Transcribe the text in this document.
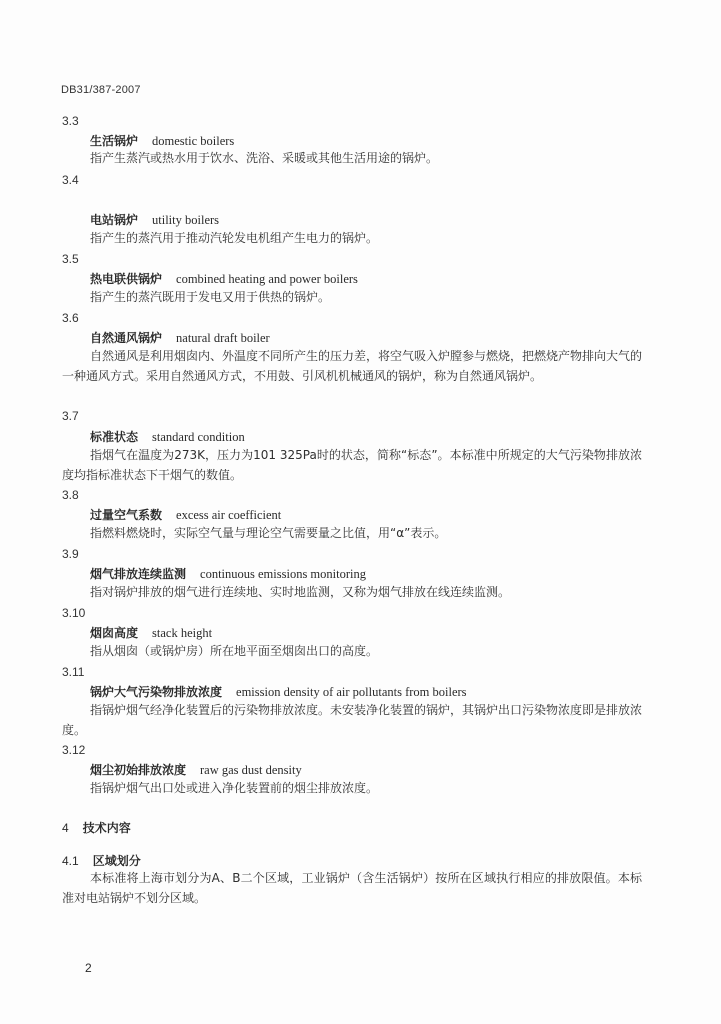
DB31/387-2007
3.3
生活锅炉 domestic boilers
指产生蒸汽或热水用于饮水、洗浴、采暖或其他生活用途的锅炉。
3.4
电站锅炉 utility boilers
指产生的蒸汽用于推动汽轮发电机组产生电力的锅炉。
3.5
热电联供锅炉 combined heating and power boilers
指产生的蒸汽既用于发电又用于供热的锅炉。
3.6
自然通风锅炉 natural draft boiler
自然通风是利用烟囱内、外温度不同所产生的压力差，将空气吸入炉膛参与燃烧，把燃烧产物排向大气的一种通风方式。采用自然通风方式，不用鼓、引风机机械通风的锅炉，称为自然通风锅炉。
3.7
标准状态 standard condition
指烟气在温度为273K，压力为101 325Pa时的状态，简称“标态”。本标准中所规定的大气污染物排放浓度均指标准状态下干烟气的数值。
3.8
过量空气系数 excess air coefficient
指燃料燃烧时，实际空气量与理论空气需要量之比值，用“α”表示。
3.9
烟气排放连续监测 continuous emissions monitoring
指对锅炉排放的烟气进行连续地、实时地监测，又称为烟气排放在线连续监测。
3.10
烟囱高度 stack height
指从烟囱（或锅炉房）所在地平面至烟囱出口的高度。
3.11
锅炉大气污染物排放浓度 emission density of air pollutants from boilers
指锅炉烟气经净化装置后的污染物排放浓度。未安装净化装置的锅炉，其锅炉出口污染物浓度即是排放浓度。
3.12
烟尘初始排放浓度 raw gas dust density
指锅炉烟气出口处或进入净化装置前的烟尘排放浓度。
4 技术内容
4.1 区域划分
本标准将上海市划分为A、B二个区域，工业锅炉（含生活锅炉）按所在区域执行相应的排放限值。本标准对电站锅炉不划分区域。
2
